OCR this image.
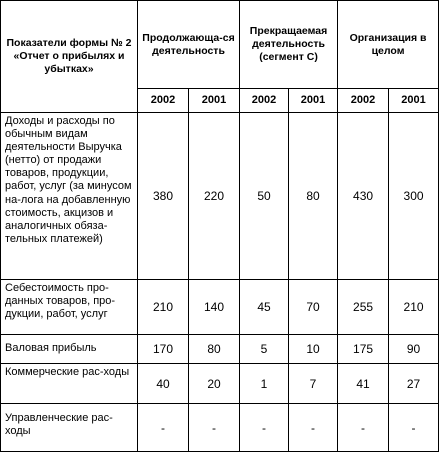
Показатели формы № 2 «Отчет о прибылях и убытках»	Продолжающа-ся деятельность		Прекращаемая деятельность (сегмент С)		Организация в целом	
	2002	2001	2002	2001	2002	2001
Доходы и расходы по обычным видам деятельности Выручка (нетто) от продажи товаров, продукции, работ, услуг (за минусом на-лога на добавленную стоимость, акцизов и аналогичных обяза-тельных платежей)	380	220	50	80	430	300
Себестоимость про-данных товаров, про-дукции, работ, услуг	210	140	45	70	255	210
Валовая прибыль	170	80	5	10	175	90
Коммерческие рас-ходы	40	20	1	7	41	27
Управленческие рас-ходы	-	-	-	-	-	-
